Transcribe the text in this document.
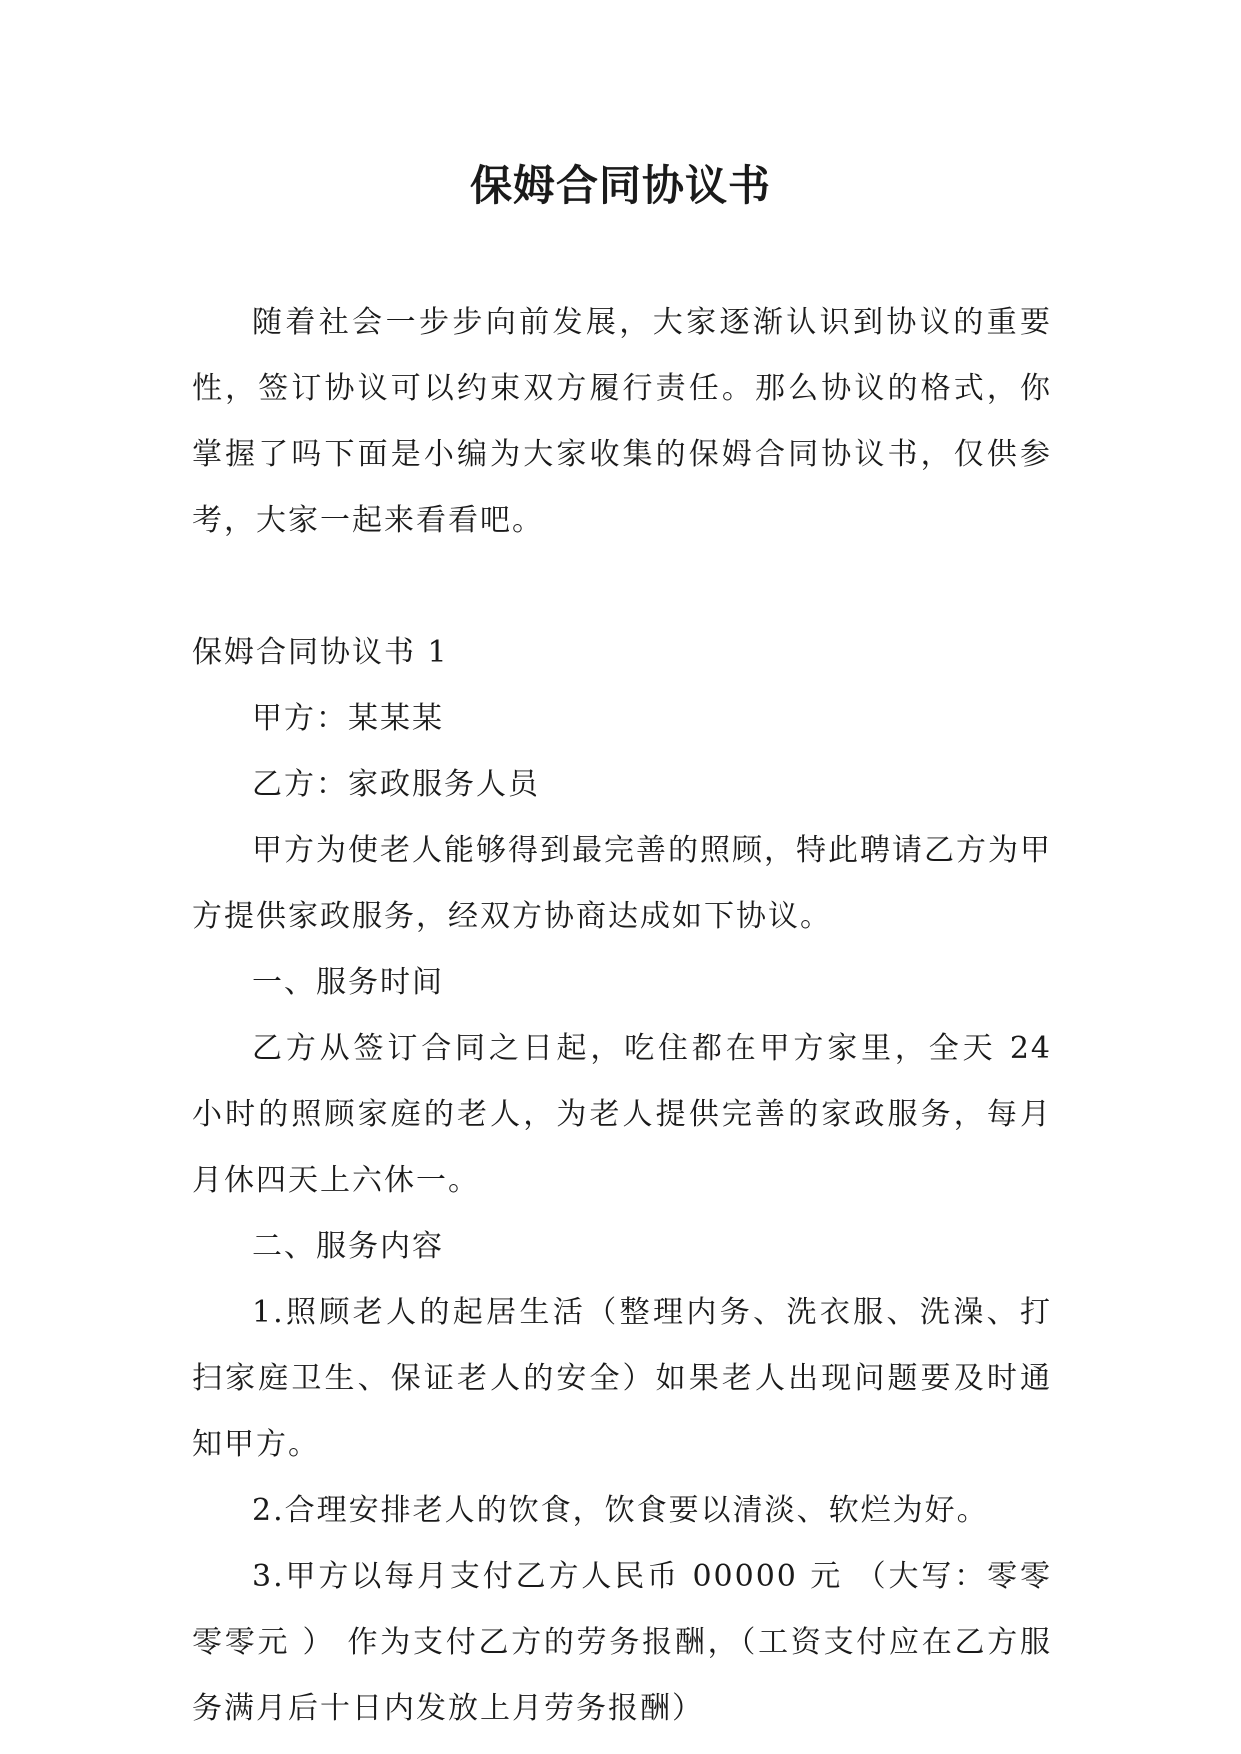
保姆合同协议书

随着社会一步步向前发展，大家逐渐认识到协议的重要性，签订协议可以约束双方履行责任。那么协议的格式，你掌握了吗下面是小编为大家收集的保姆合同协议书，仅供参考，大家一起来看看吧。

保姆合同协议书 1

甲方：某某某

乙方：家政服务人员

甲方为使老人能够得到最完善的照顾，特此聘请乙方为甲方提供家政服务，经双方协商达成如下协议。

一、服务时间

乙方从签订合同之日起，吃住都在甲方家里，全天 24 小时的照顾家庭的老人，为老人提供完善的家政服务，每月月休四天上六休一。

二、服务内容

1.照顾老人的起居生活（整理内务、洗衣服、洗澡、打扫家庭卫生、保证老人的安全）如果老人出现问题要及时通知甲方。

2.合理安排老人的饮食，饮食要以清淡、软烂为好。

3.甲方以每月支付乙方人民币 00000 元 （大写：零零零零元 ） 作为支付乙方的劳务报酬，（工资支付应在乙方服务满月后十日内发放上月劳务报酬）
